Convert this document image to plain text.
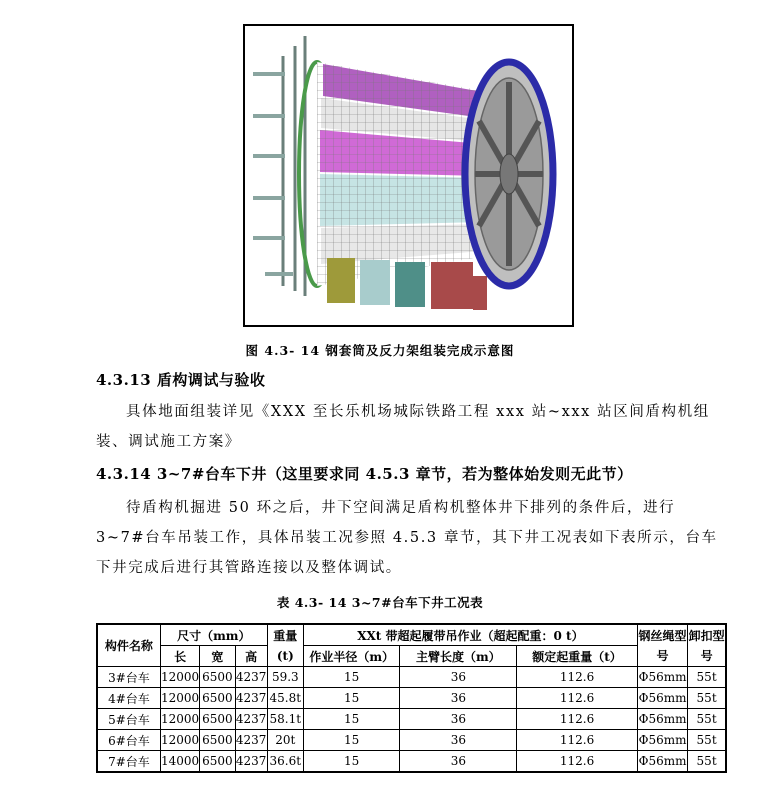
图 4.3- 14 钢套筒及反力架组装完成示意图
4.3.13 盾构调试与验收
具体地面组装详见《XXX 至长乐机场城际铁路工程 xxx 站~xxx 站区间盾构机组装、调试施工方案》
4.3.14 3~7#台车下井（这里要求同 4.5.3 章节，若为整体始发则无此节）
待盾构机掘进 50 环之后，井下空间满足盾构机整体井下排列的条件后，进行 3~7#台车吊装工作，具体吊装工况参照 4.5.3 章节，其下井工况表如下表所示，台车下井完成后进行其管路连接以及整体调试。
表 4.3- 14 3~7#台车下井工况表
构件名称	尺寸（mm）			重量(t)	XXt 带超起履带吊作业（超起配重：0 t）			钢丝绳型号	卸扣型号
	长	宽	高		作业半径（m）	主臂长度（m）	额定起重量（t）		
3#台车	12000	6500	4237	59.3	15	36	112.6	Φ56mm	55t
4#台车	12000	6500	4237	45.8t	15	36	112.6	Φ56mm	55t
5#台车	12000	6500	4237	58.1t	15	36	112.6	Φ56mm	55t
6#台车	12000	6500	4237	20t	15	36	112.6	Φ56mm	55t
7#台车	14000	6500	4237	36.6t	15	36	112.6	Φ56mm	55t
